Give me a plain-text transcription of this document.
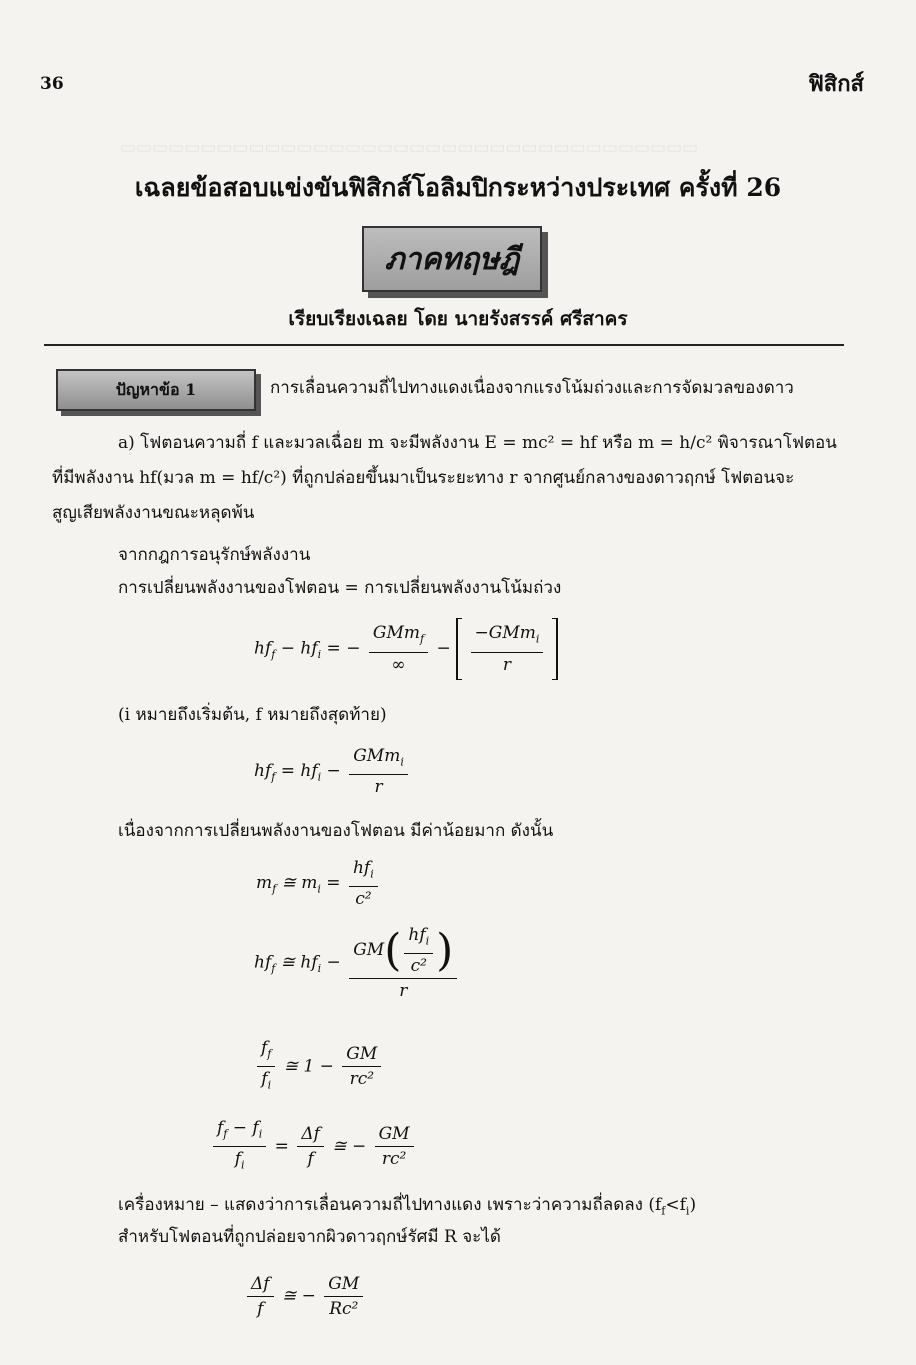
▭▭▭▭▭▭▭▭▭▭▭▭▭▭▭▭▭▭▭▭▭▭▭▭▭▭▭▭▭▭▭▭▭▭▭▭
36	ฟิสิกส์
เฉลยข้อสอบแข่งขันฟิสิกส์โอลิมปิกระหว่างประเทศ ครั้งที่ 26
ภาคทฤษฎี
เรียบเรียงเฉลย โดย นายรังสรรค์ ศรีสาคร
ปัญหาข้อ 1	การเลื่อนความถี่ไปทางแดงเนื่องจากแรงโน้มถ่วงและการจัดมวลของดาว
a) โฟตอนความถี่ f และมวลเฉื่อย m จะมีพลังงาน E = mc² = hf หรือ m = h/c² พิจารณาโฟตอน
ที่มีพลังงาน hf(มวล m = hf/c²) ที่ถูกปล่อยขึ้นมาเป็นระยะทาง r จากศูนย์กลางของดาวฤกษ์ โฟตอนจะ
สูญเสียพลังงานขณะหลุดพ้น
จากกฎการอนุรักษ์พลังงาน
การเปลี่ยนพลังงานของโฟตอน = การเปลี่ยนพลังงานโน้มถ่วง
$hf_f - hf_i$ = − $\frac{GMm_f}{\infty} - \frac{-GMm_i}{r}$

(i หมายถึงเริ่มต้น, f หมายถึงสุดท้าย)
$hf_f = hf_i - \frac{GMm_i}{r}$
เนื่องจากการเปลี่ยนพลังงานของโฟตอน มีค่าน้อยมาก ดังนั้น
$m_f$ ≅ $m_i = \frac{hf_i}{\text{c²}}$
$hf_f$ ≅ $hf_i - \frac{GM( \frac{hf_i}{\text{c²}} )}{r}$
$\frac{f_f}{f_i}$ ≅ $1 - \frac{GM}{\text{rc²}}$
$\frac{f_f - f_i}{f_i} = \frac{\Delta f}{f}$ ≅ − $\frac{GM}{\text{rc²}}$
เครื่องหมาย – แสดงว่าการเลื่อนความถี่ไปทางแดง เพราะว่าความถี่ลดลง $(f_f<f_i)$
สำหรับโฟตอนที่ถูกปล่อยจากผิวดาวฤกษ์รัศมี R จะได้
$\frac{\Delta f}{f}$ ≅ − $\frac{GM}{\text{Rc²}}$
